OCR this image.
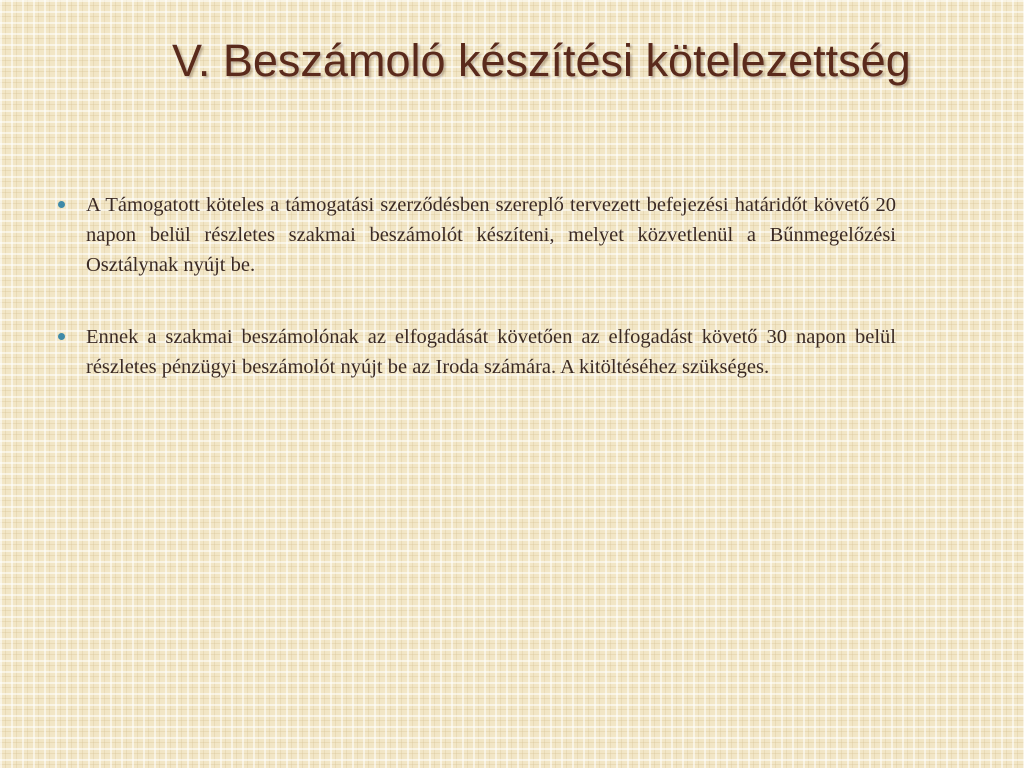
V. Beszámoló készítési kötelezettség
A Támogatott köteles a támogatási szerződésben szereplő tervezett befejezési határidőt követő 20 napon belül részletes szakmai beszámolót készíteni, melyet közvetlenül a Bűnmegelőzési Osztálynak nyújt be.
Ennek a szakmai beszámolónak az elfogadását követően az elfogadást követő 30 napon belül részletes pénzügyi beszámolót nyújt be az Iroda számára. A kitöltéséhez szükséges.
